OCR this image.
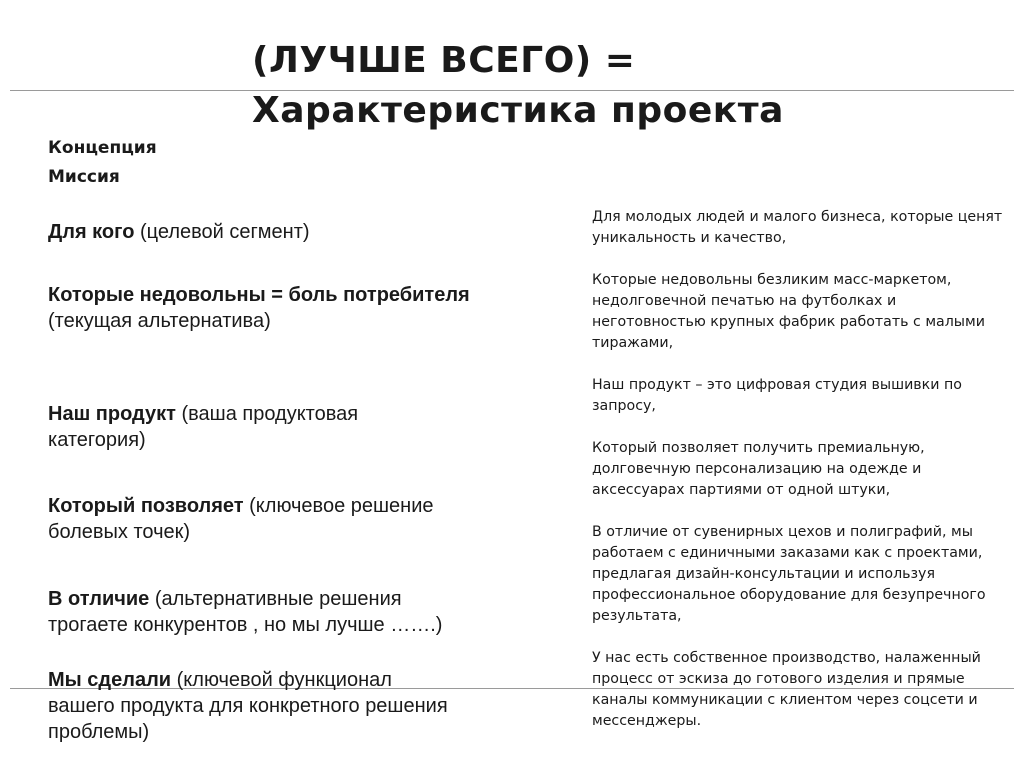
(ЛУЧШЕ ВСЕГО) =
Характеристика проекта
Концепция
Миссия
Для кого (целевой сегмент)
Которые недовольны = боль потребителя (текущая альтернатива)
Наш продукт (ваша продуктовая категория)
Который позволяет (ключевое решение болевых точек)
В отличие (альтернативные решения трогаете конкурентов , но мы лучше …….)
Мы сделали (ключевой функционал вашего продукта для конкретного решения проблемы)

Для молодых людей и малого бизнеса, которые ценят уникальность и качество,

Которые недовольны безликим масс-маркетом, недолговечной печатью на футболках и неготовностью крупных фабрик работать с малыми тиражами,

Наш продукт – это цифровая студия вышивки по запросу,

Который позволяет получить премиальную, долговечную персонализацию на одежде и аксессуарах партиями от одной штуки,

В отличие от сувенирных цехов и полиграфий, мы работаем с единичными заказами как с проектами, предлагая дизайн-консультации и используя профессиональное оборудование для безупречного результата,

У нас есть собственное производство, налаженный процесс от эскиза до готового изделия и прямые каналы коммуникации с клиентом через соцсети и мессенджеры.
